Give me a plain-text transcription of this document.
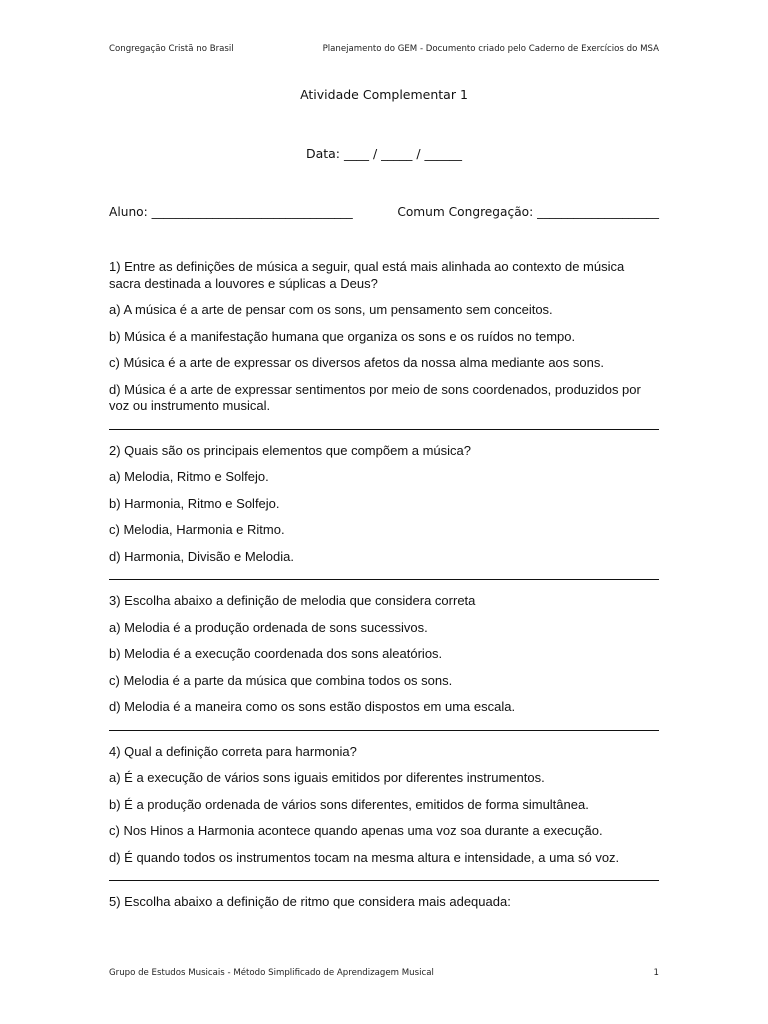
Congregação Cristã no Brasil	Planejamento do GEM - Documento criado pelo Caderno de Exercícios do MSA
Atividade Complementar 1
Data: ____ / _____ / ______
Aluno: _________________________________	Comum Congregação: ____________________

1) Entre as definições de música a seguir, qual está mais alinhada ao contexto de música sacra destinada a louvores e súplicas a Deus?

a) A música é a arte de pensar com os sons, um pensamento sem conceitos.
b) Música é a manifestação humana que organiza os sons e os ruídos no tempo.
c) Música é a arte de expressar os diversos afetos da nossa alma mediante aos sons.
d) Música é a arte de expressar sentimentos por meio de sons coordenados, produzidos por voz ou instrumento musical.

2) Quais são os principais elementos que compõem a música?

a) Melodia, Ritmo e Solfejo.
b) Harmonia, Ritmo e Solfejo.
c) Melodia, Harmonia e Ritmo.
d) Harmonia, Divisão e Melodia.

3) Escolha abaixo a definição de melodia que considera correta

a) Melodia é a produção ordenada de sons sucessivos.
b) Melodia é a execução coordenada dos sons aleatórios.
c) Melodia é a parte da música que combina todos os sons.
d) Melodia é a maneira como os sons estão dispostos em uma escala.

4) Qual a definição correta para harmonia?

a) É a execução de vários sons iguais emitidos por diferentes instrumentos.
b) É a produção ordenada de vários sons diferentes, emitidos de forma simultânea.
c) Nos Hinos a Harmonia acontece quando apenas uma voz soa durante a execução.
d) É quando todos os instrumentos tocam na mesma altura e intensidade, a uma só voz.

5) Escolha abaixo a definição de ritmo que considera mais adequada:

Grupo de Estudos Musicais - Método Simplificado de Aprendizagem Musical	1
